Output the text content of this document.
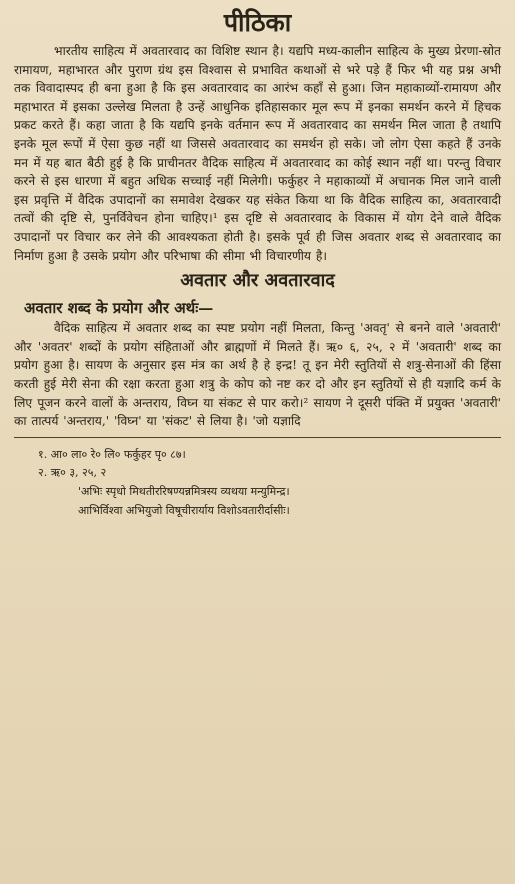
पीठिका

भारतीय साहित्य में अवतारवाद का विशिष्ट स्थान है। यद्यपि मध्य-कालीन साहित्य के मुख्य प्रेरणा-स्रोत रामायण, महाभारत और पुराण ग्रंथ इस विश्वास से प्रभावित कथाओं से भरे पड़े हैं फिर भी यह प्रश्न अभी तक विवादास्पद ही बना हुआ है कि इस अवतारवाद का आरंभ कहाँ से हुआ। जिन महाकाव्यों-रामायण और महाभारत में इसका उल्लेख मिलता है उन्हें आधुनिक इतिहासकार मूल रूप में इनका समर्थन करने में हिचक प्रकट करते हैं। कहा जाता है कि यद्यपि इनके वर्तमान रूप में अवतारवाद का समर्थन मिल जाता है तथापि इनके मूल रूपों में ऐसा कुछ नहीं था जिससे अवतारवाद का समर्थन हो सके। जो लोग ऐसा कहते हैं उनके मन में यह बात बैठी हुई है कि प्राचीनतर वैदिक साहित्य में अवतारवाद का कोई स्थान नहीं था। परन्तु विचार करने से इस धारणा में बहुत अधिक सच्चाई नहीं मिलेगी। फर्कुहर ने महाकाव्यों में अचानक मिल जाने वाली इस प्रवृत्ति में वैदिक उपादानों का समावेश देखकर यह संकेत किया था कि वैदिक साहित्य का, अवतारवादी तत्वों की दृष्टि से, पुनर्विवेचन होना चाहिए।¹ इस दृष्टि से अवतारवाद के विकास में योग देने वाले वैदिक उपादानों पर विचार कर लेने की आवश्यकता होती है। इसके पूर्व ही जिस अवतार शब्द से अवतारवाद का निर्माण हुआ है उसके प्रयोग और परिभाषा की सीमा भी विचारणीय है।

अवतार और अवतारवाद
अवतार शब्द के प्रयोग और अर्थः—

वैदिक साहित्य में अवतार शब्द का स्पष्ट प्रयोग नहीं मिलता, किन्तु 'अवतृ' से बनने वाले 'अवतारी' और 'अवतर' शब्दों के प्रयोग संहिताओं और ब्राह्मणों में मिलते हैं। ऋ० ६, २५, २ में 'अवतारी' शब्द का प्रयोग हुआ है। सायण के अनुसार इस मंत्र का अर्थ है हे इन्द्र! तू इन मेरी स्तुतियों से शत्रु-सेनाओं की हिंसा करती हुई मेरी सेना की रक्षा करता हुआ शत्रु के कोप को नष्ट कर दो और इन स्तुतियों से ही यज्ञादि कर्म के लिए पूजन करने वालों के अन्तराय, विघ्न या संकट से पार करो।² सायण ने दूसरी पंक्ति में प्रयुक्त 'अवतारी' का तात्पर्य 'अन्तराय,' 'विघ्न' या 'संकट' से लिया है। 'जो यज्ञादि

१. आ० ला० रे० लि० फर्कुहर पृ० ८७।
२. ऋ० ३, २५, २
'अभिः स्पृधो मिथतीररिषण्यन्नमित्रस्य व्यथया मन्युमिन्द्र।
आभिर्विश्वा अभियुजो विषूचीरार्याय विशोऽवतारीर्दासीः।
